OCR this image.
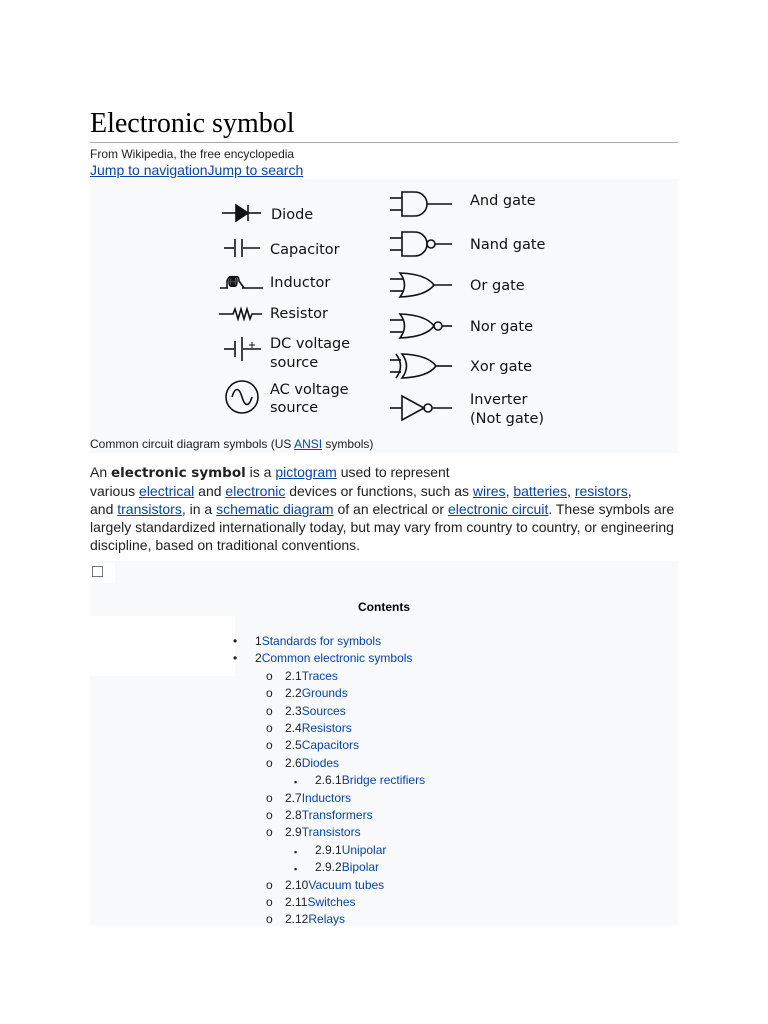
Electronic symbol
From Wikipedia, the free encyclopedia
Jump to navigationJump to search
Diode
Capacitor
Inductor
Resistor
DC voltage
source
AC voltage
source
And gate
Nand gate
Or gate
Nor gate
Xor gate
Inverter
(Not gate)
Common circuit diagram symbols (US ANSI symbols)

An electronic symbol is a pictogram used to represent
various electrical and electronic devices or functions, such as wires, batteries, resistors,
and transistors, in a schematic diagram of an electrical or electronic circuit. These symbols are largely standardized internationally today, but may vary from country to country, or engineering discipline, based on traditional conventions.

Contents
• 1Standards for symbols
• 2Common electronic symbols
o 2.1Traces
o 2.2Grounds
o 2.3Sources
o 2.4Resistors
o 2.5Capacitors
o 2.6Diodes
▪ 2.6.1Bridge rectifiers
o 2.7Inductors
o 2.8Transformers
o 2.9Transistors
▪ 2.9.1Unipolar
▪ 2.9.2Bipolar
o 2.10Vacuum tubes
o 2.11Switches
o 2.12Relays
